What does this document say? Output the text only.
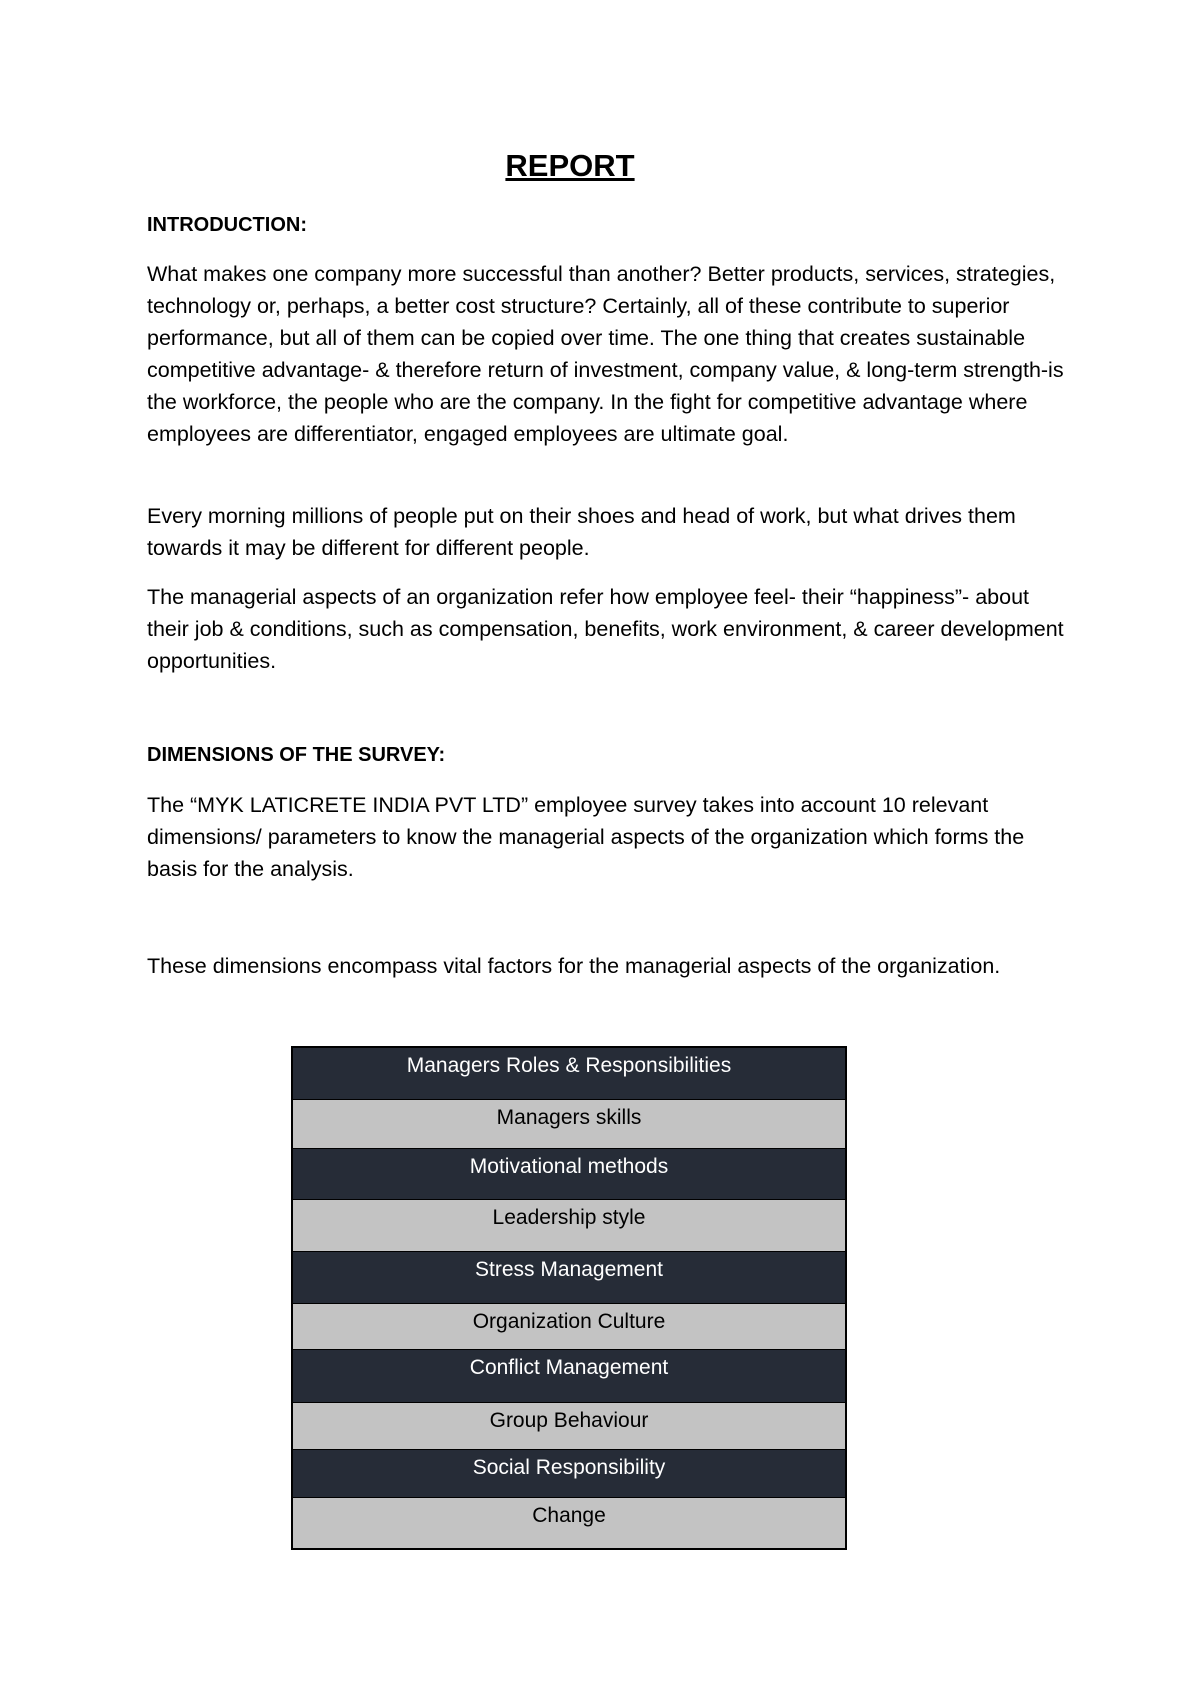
REPORT
INTRODUCTION:

What makes one company more successful than another? Better products, services, strategies, technology or, perhaps, a better cost structure? Certainly, all of these contribute to superior performance, but all of them can be copied over time. The one thing that creates sustainable competitive advantage- & therefore return of investment, company value, & long-term strength-is the workforce, the people who are the company. In the fight for competitive advantage where employees are differentiator, engaged employees are ultimate goal.

Every morning millions of people put on their shoes and head of work, but what drives them towards it may be different for different people.

The managerial aspects of an organization refer how employee feel- their “happiness”- about their job & conditions, such as compensation, benefits, work environment, & career development opportunities.

DIMENSIONS OF THE SURVEY:

The “MYK LATICRETE INDIA PVT LTD” employee survey takes into account 10 relevant dimensions/ parameters to know the managerial aspects of the organization which forms the basis for the analysis.

These dimensions encompass vital factors for the managerial aspects of the organization.

Managers Roles & Responsibilities
Managers skills
Motivational methods
Leadership style
Stress Management
Organization Culture
Conflict Management
Group Behaviour
Social Responsibility
Change
